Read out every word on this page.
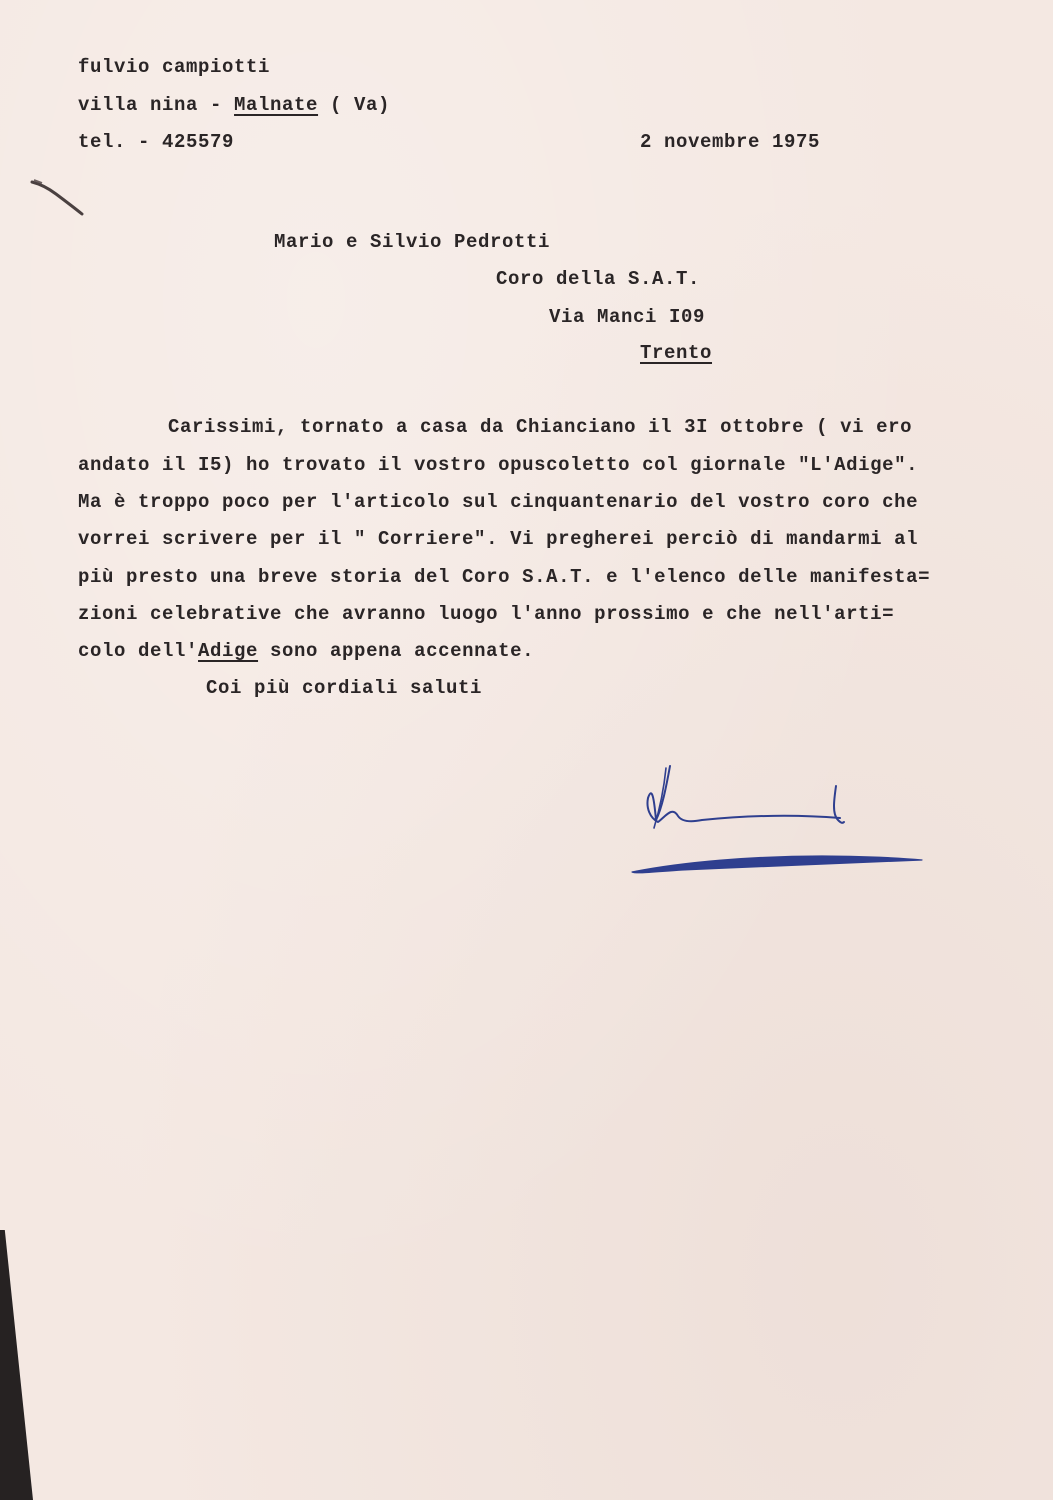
fulvio campiotti
villa nina - Malnate ( Va)
tel. - 425579	2 novembre 1975
Mario e Silvio Pedrotti
Coro della S.A.T.
Via Manci I09
Trento
Carissimi, tornato a casa da Chianciano il 3I ottobre ( vi ero
andato il I5) ho trovato il vostro opuscoletto col giornale "L'Adige".
Ma è troppo poco per l'articolo sul cinquantenario del vostro coro che
vorrei scrivere per il " Corriere". Vi pregherei perciò di mandarmi al
più presto una breve storia del Coro S.A.T. e l'elenco delle manifesta=
zioni celebrative che avranno luogo l'anno prossimo e che nell'arti=
colo dell'Adige sono appena accennate.
Coi più cordiali saluti
